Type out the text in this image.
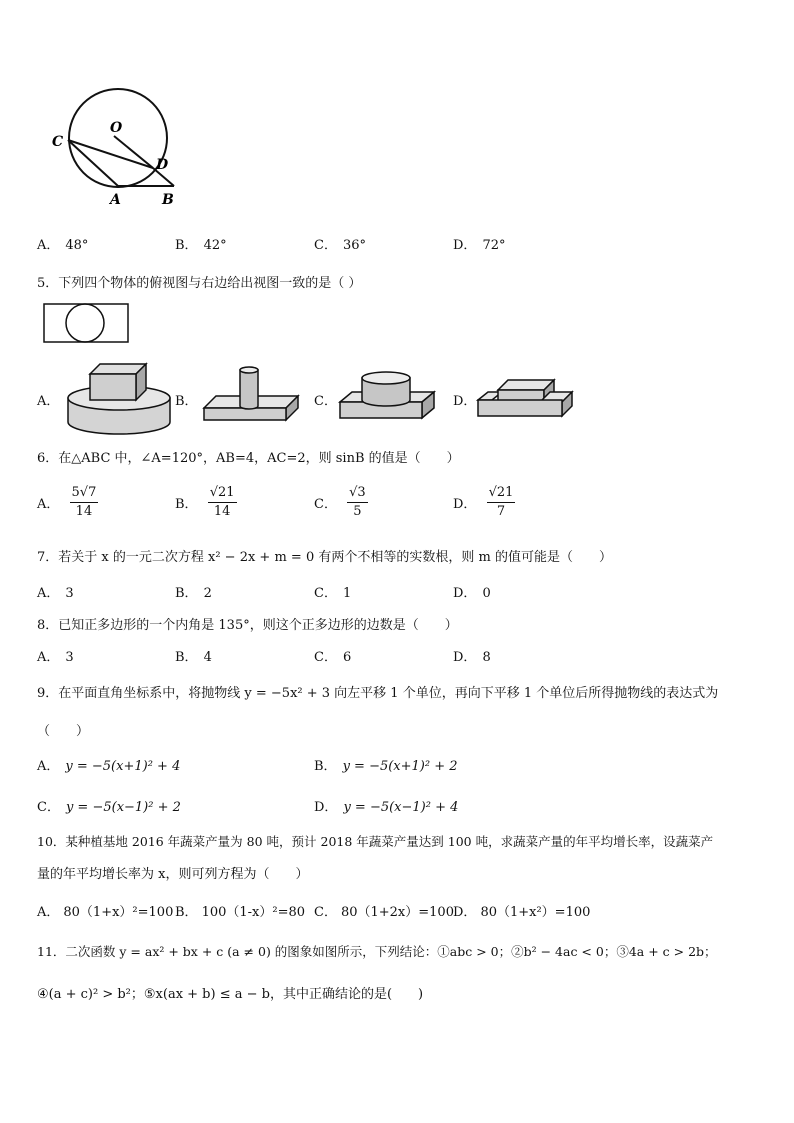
O
C
D
A	B
A． 48°	B． 42°	C． 36°	D． 72°
5．下列四个物体的俯视图与右边给出视图一致的是（ ）
A．	B．	C．	D．
6．在△ABC 中，∠A=120°，AB=4，AC=2，则 sinB 的值是（　　）
A． $\frac{5√7}{14}$	B． $\frac{√21}{14}$	C． $\frac{√3}{5}$	D． $\frac{√21}{7}$
7．若关于 x 的一元二次方程 x² − 2x + m = 0 有两个不相等的实数根，则 m 的值可能是（　　）
A． 3	B． 2	C． 1	D． 0
8．已知正多边形的一个内角是 135°，则这个正多边形的边数是（　　）
A． 3	B． 4	C． 6	D． 8
9．在平面直角坐标系中，将抛物线 y = −5x² + 3 向左平移 1 个单位，再向下平移 1 个单位后所得抛物线的表达式为
（　　）
A． y = −5(x+1)² + 4	B． y = −5(x+1)² + 2
C． y = −5(x−1)² + 2	D． y = −5(x−1)² + 4
10．某种植基地 2016 年蔬菜产量为 80 吨，预计 2018 年蔬菜产量达到 100 吨，求蔬菜产量的年平均增长率，设蔬菜产
量的年平均增长率为 x，则可列方程为（　　）
A． 80（1+x）²=100 B． 100（1-x）²=80 C． 80（1+2x）=100 D． 80（1+x²）=100
11．二次函数 y = ax² + bx + c (a ≠ 0) 的图象如图所示，下列结论：①abc > 0；②b² − 4ac < 0；③4a + c > 2b；
④(a + c)² > b²；⑤x(ax + b) ≤ a − b，其中正确结论的是(　　)
